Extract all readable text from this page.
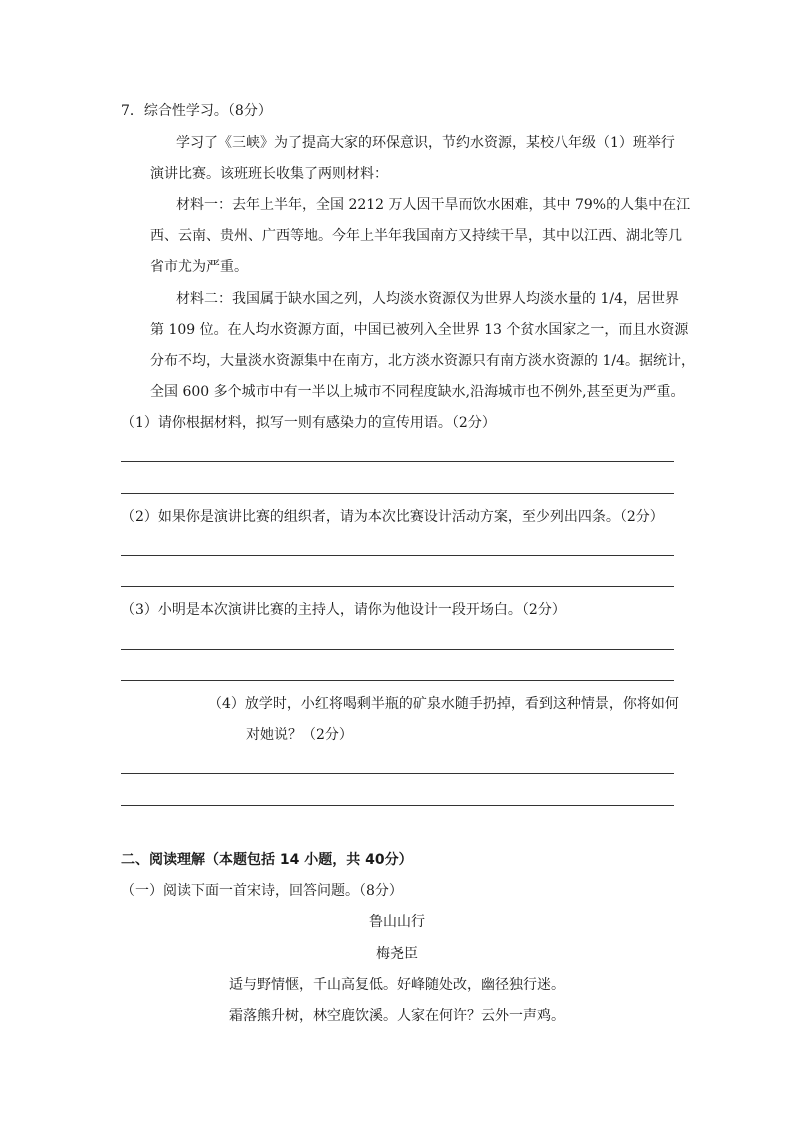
7．综合性学习。（8分）
学习了《三峡》为了提高大家的环保意识，节约水资源，某校八年级（1）班举行
演讲比赛。该班班长收集了两则材料：
材料一：去年上半年，全国 2212 万人因干旱而饮水困难，其中 79%的人集中在江
西、云南、贵州、广西等地。今年上半年我国南方又持续干旱，其中以江西、湖北等几
省市尤为严重。
材料二：我国属于缺水国之列，人均淡水资源仅为世界人均淡水量的 1/4，居世界
第 109 位。在人均水资源方面，中国已被列入全世界 13 个贫水国家之一，而且水资源
分布不均，大量淡水资源集中在南方，北方淡水资源只有南方淡水资源的 1/4。据统计，
全国 600 多个城市中有一半以上城市不同程度缺水,沿海城市也不例外,甚至更为严重。
（1）请你根据材料，拟写一则有感染力的宣传用语。（2分）
（2）如果你是演讲比赛的组织者，请为本次比赛设计活动方案，至少列出四条。（2分）
（3）小明是本次演讲比赛的主持人，请你为他设计一段开场白。（2分）
（4）放学时，小红将喝剩半瓶的矿泉水随手扔掉，看到这种情景，你将如何
对她说？（2分）
二、阅读理解（本题包括 14 小题，共 40分）
（一）阅读下面一首宋诗，回答问题。（8分）
鲁山山行
梅尧臣
适与野情惬，千山高复低。好峰随处改，幽径独行迷。
霜落熊升树，林空鹿饮溪。人家在何许？云外一声鸡。
